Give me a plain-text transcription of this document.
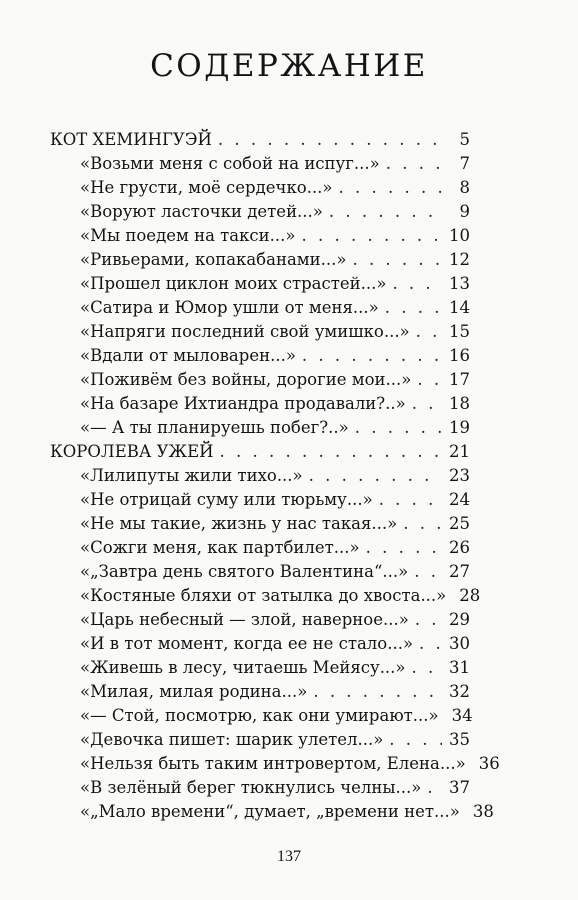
СОДЕРЖАНИЕ
КОТ ХЕМИНГУЭЙ . . .	5
«Возьми меня с собой на испуг...» . . .	7
«Не грусти, моё сердечко...» . . .	8
«Воруют ласточки детей...» . . .	9
«Мы поедем на такси...» . . .	10
«Ривьерами, копакабанами...» . . .	12
«Прошел циклон моих страстей...» . . .	13
«Сатира и Юмор ушли от меня...» . . .	14
«Напряги последний свой умишко...» . . . 15
«Вдали от мыловарен...» . . .	16
«Поживём без войны, дорогие мои...» . . . 17
«На базаре Ихтиандра продавали?..» . . .	18
«— А ты планируешь побег?..» . . .	19
КОРОЛЕВА УЖЕЙ . . .	21
«Лилипуты жили тихо...» . . .	23
«Не отрицай суму или тюрьму...» . . .	24
«Не мы такие, жизнь у нас такая...» . . .	25
«Сожги меня, как партбилет...» . . .	26
«„Завтра день святого Валентина“...» . . . 27
«Костяные бляхи от затылка до хвоста...» 28
«Царь небесный — злой, наверное...» . . . 29
«И в тот момент, когда ее не стало...» . . . 30
«Живешь в лесу, читаешь Мейясу...» . . .	31
«Милая, милая родина...» . . .	32
«— Стой, посмотрю, как они умирают...» 34
«Девочка пишет: шарик улетел...» . . .	35
«Нельзя быть таким интровертом, Елена...» 36
«В зелёный берег тюкнулись челны...» . . . 37
«„Мало времени“, думает, „времени нет...» 38
137
